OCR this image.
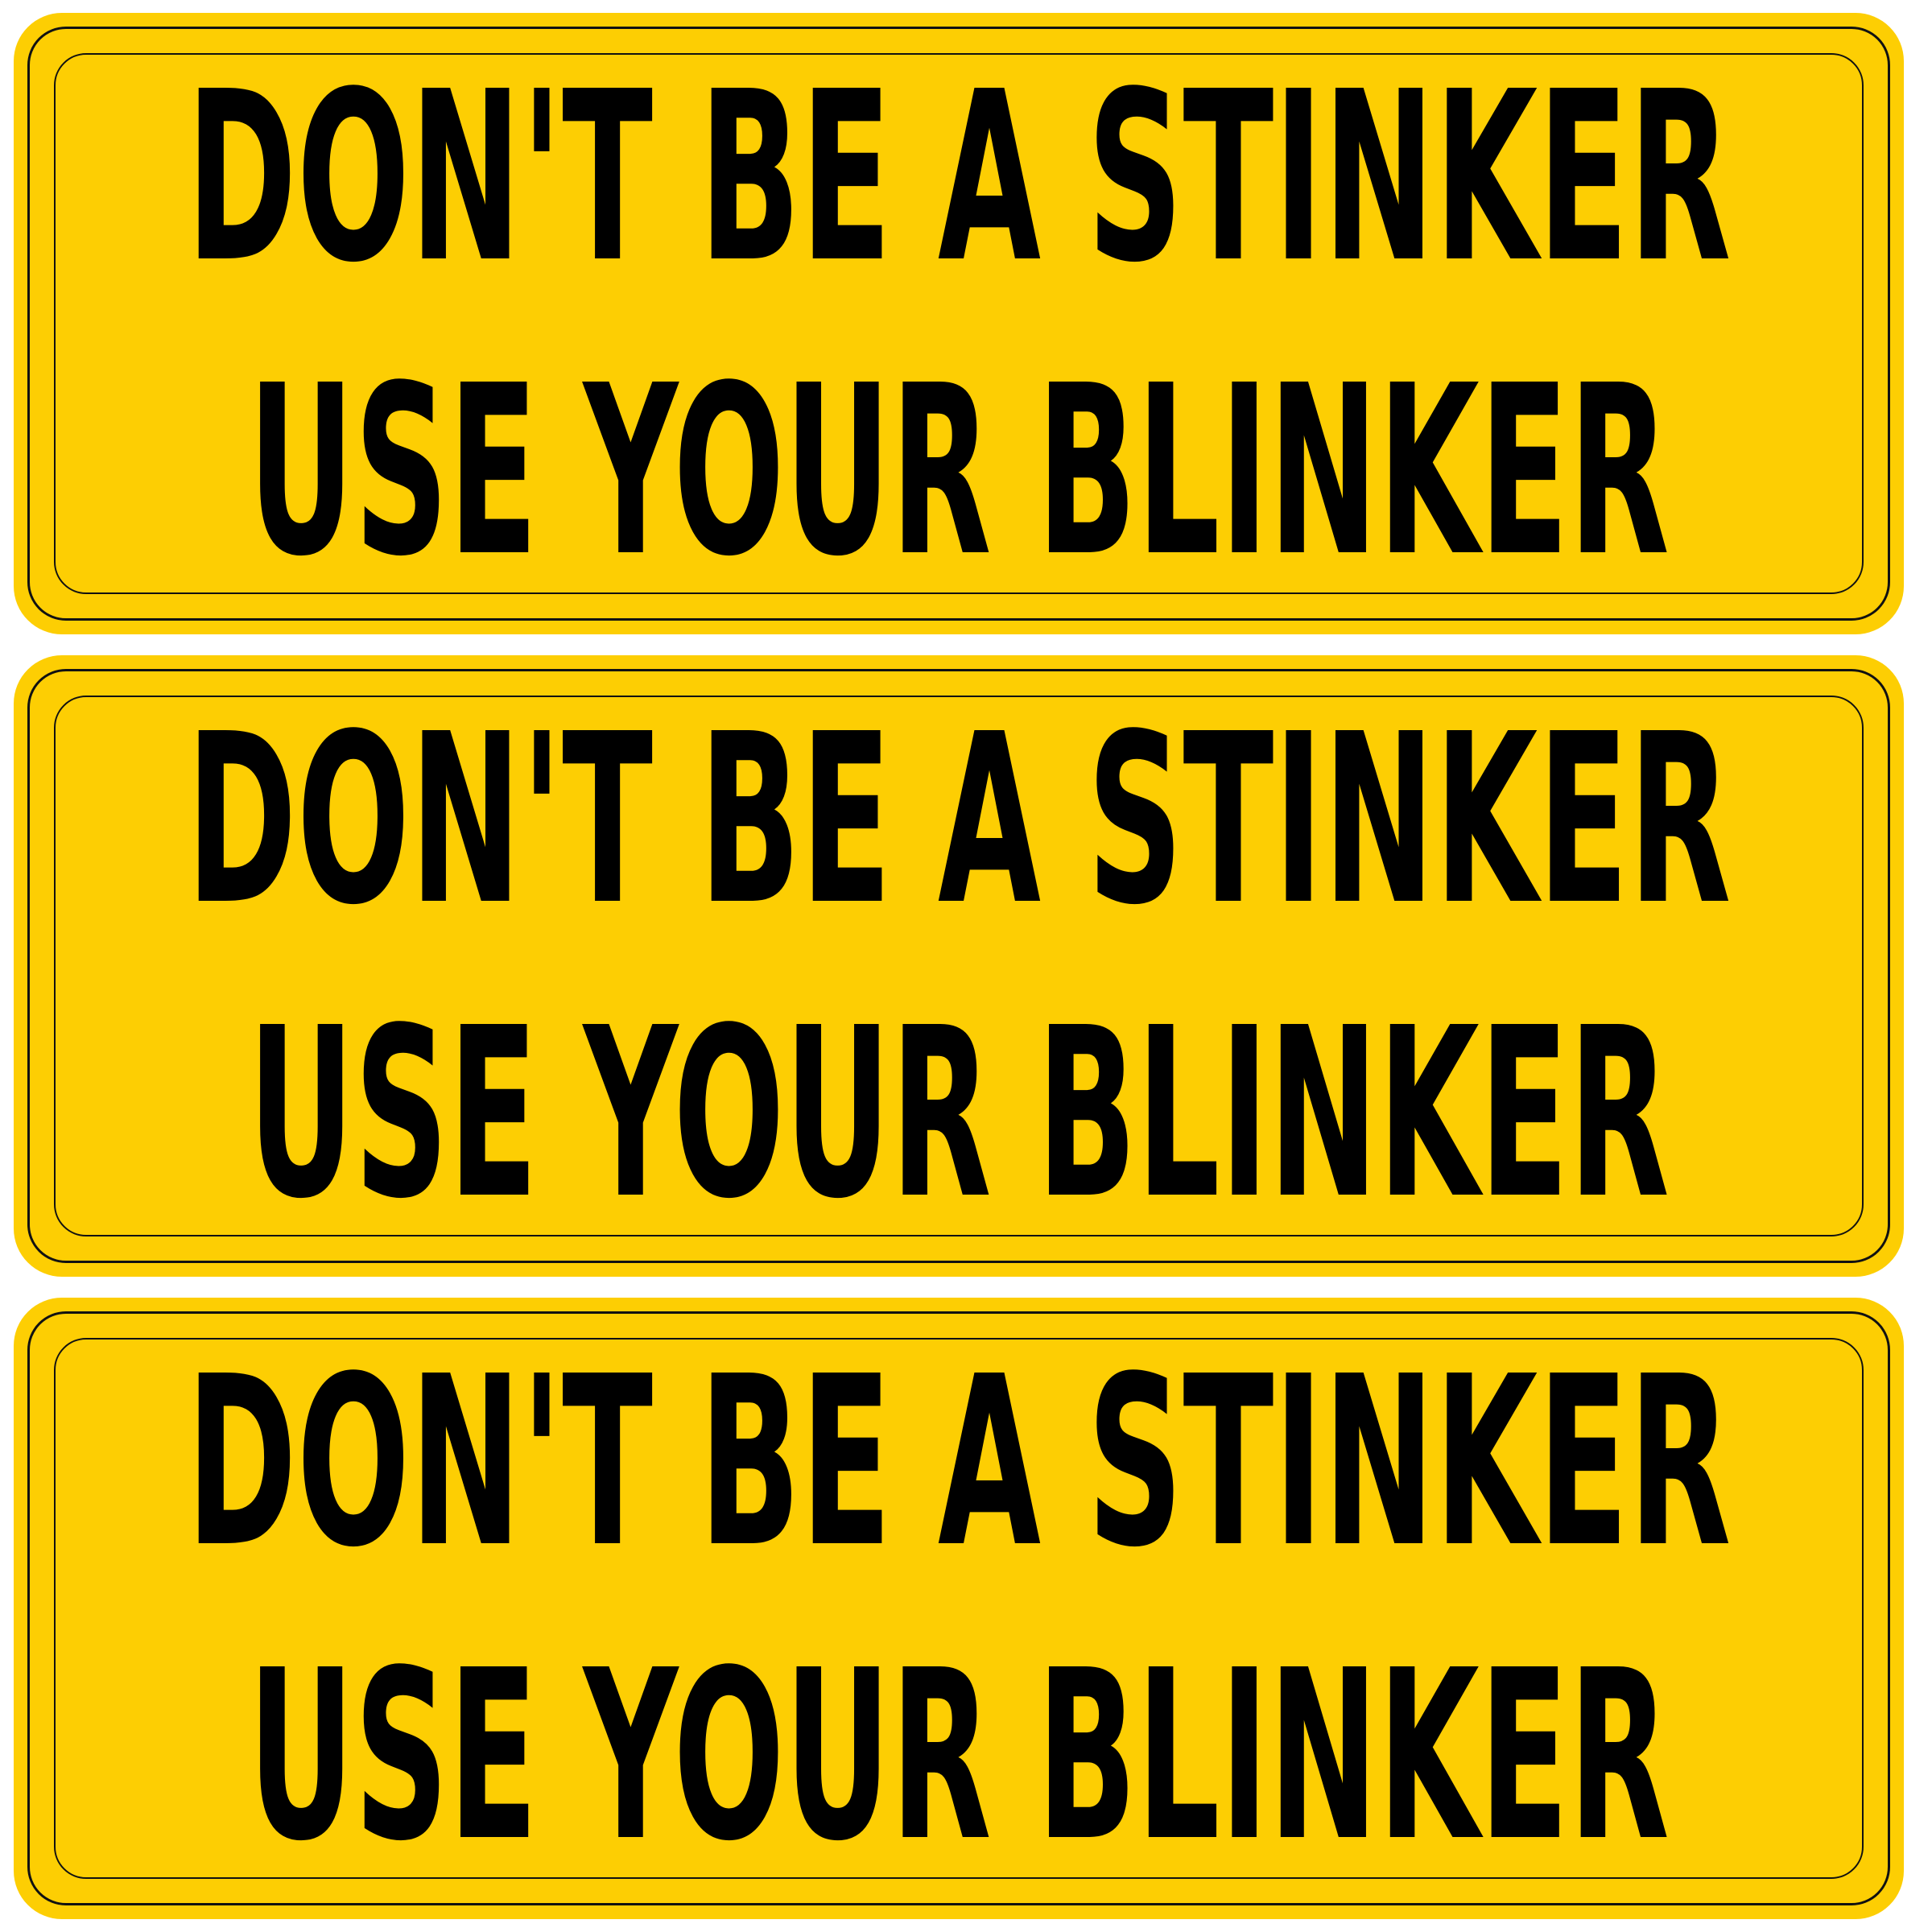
DON'T BE A STINKER
USE YOUR BLINKER
DON'T BE A STINKER
USE YOUR BLINKER
DON'T BE A STINKER
USE YOUR BLINKER
